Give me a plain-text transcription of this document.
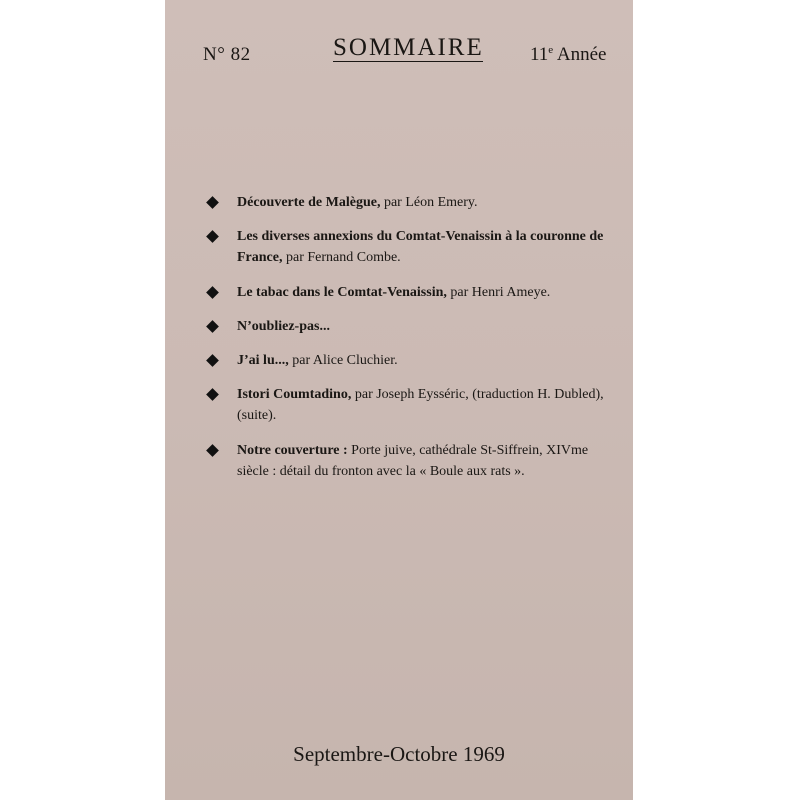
N° 82	SOMMAIRE 11e Année
Découverte de Malègue, par Léon Emery.
Les diverses annexions du Comtat-Venaissin à la couronne de France, par Fernand Combe.
Le tabac dans le Comtat-Venaissin, par Henri Ameye.
N’oubliez-pas...
J’ai lu..., par Alice Cluchier.
Istori Coumtadino, par Joseph Eysséric, (traduction H. Dubled), (suite).
Notre couverture : Porte juive, cathédrale St-Siffrein, XIVme siècle : détail du fronton avec la « Boule aux rats ».
Septembre-Octobre 1969
